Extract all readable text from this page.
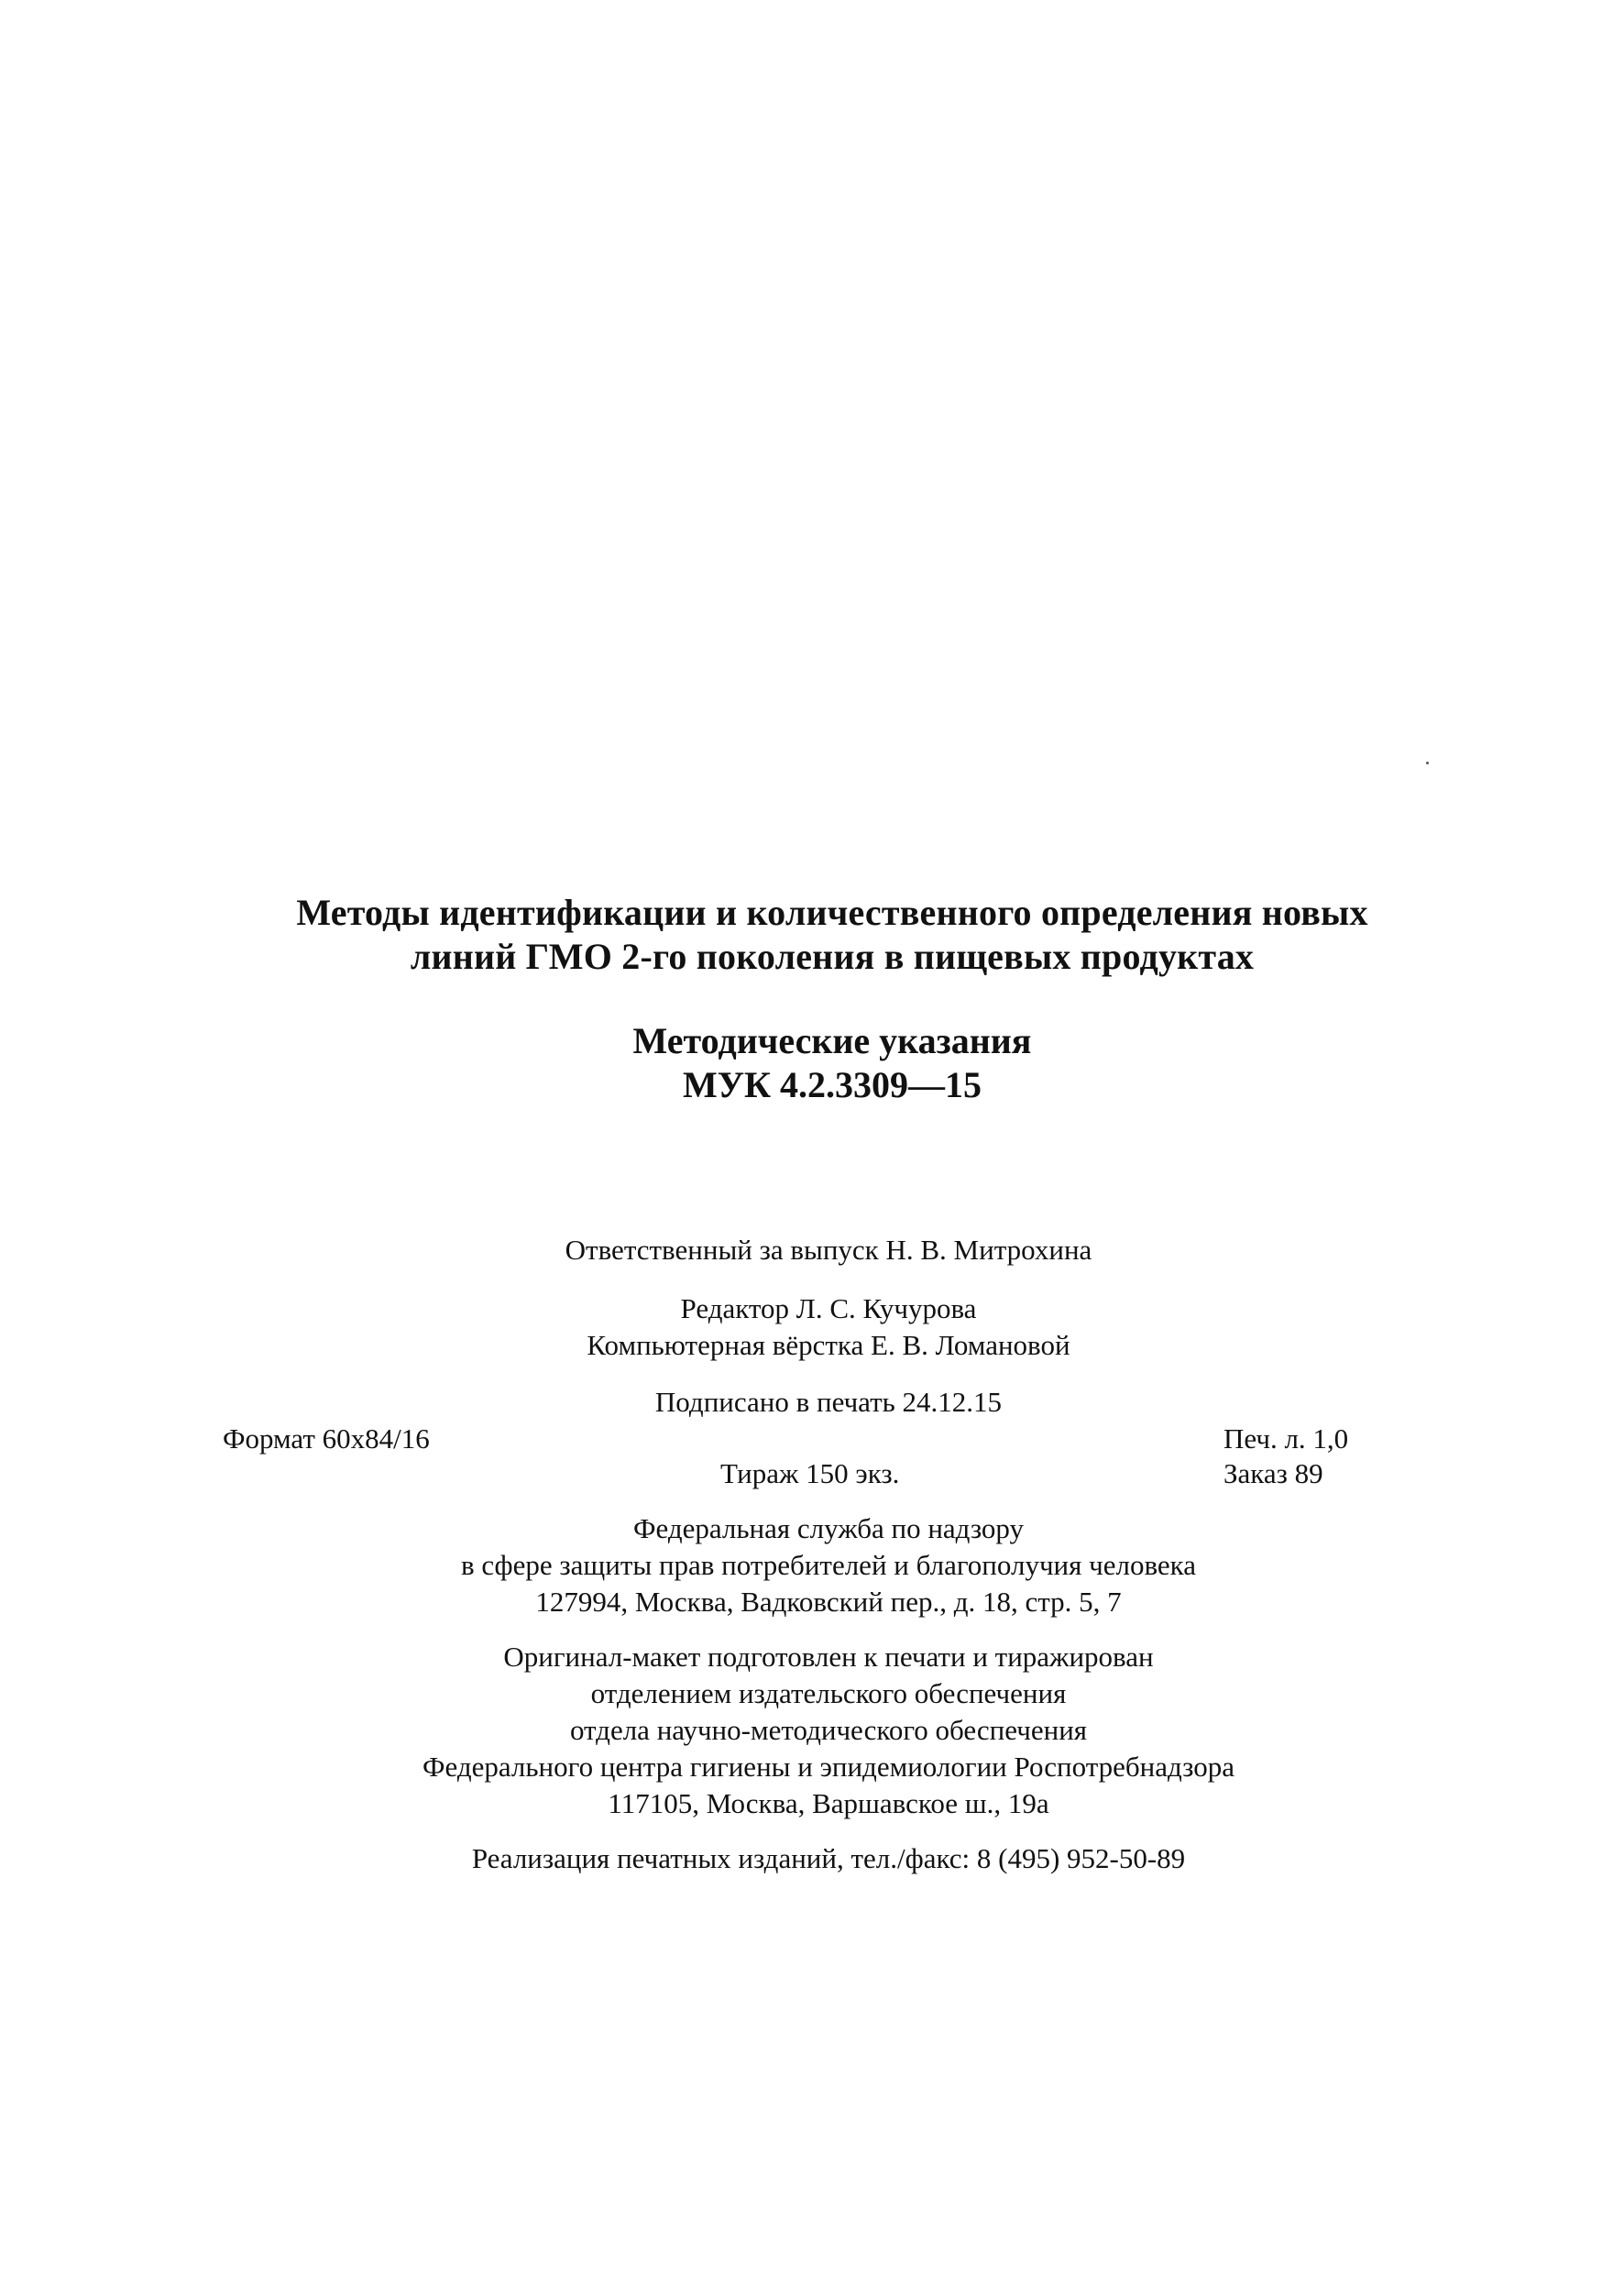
Методы идентификации и количественного определения новых
линий ГМО 2-го поколения в пищевых продуктах
Методические указания
МУК 4.2.3309—15
Ответственный за выпуск Н. В. Митрохина
Редактор Л. С. Кучурова
Компьютерная вёрстка Е. В. Ломановой
Подписано в печать 24.12.15
Формат 60х84/16	Печ. л. 1,0
Тираж 150 экз.	Заказ 89
Федеральная служба по надзору
в сфере защиты прав потребителей и благополучия человека
127994, Москва, Вадковский пер., д. 18, стр. 5, 7
Оригинал-макет подготовлен к печати и тиражирован
отделением издательского обеспечения
отдела научно-методического обеспечения
Федерального центра гигиены и эпидемиологии Роспотребнадзора
117105, Москва, Варшавское ш., 19а
Реализация печатных изданий, тел./факс: 8 (495) 952-50-89
